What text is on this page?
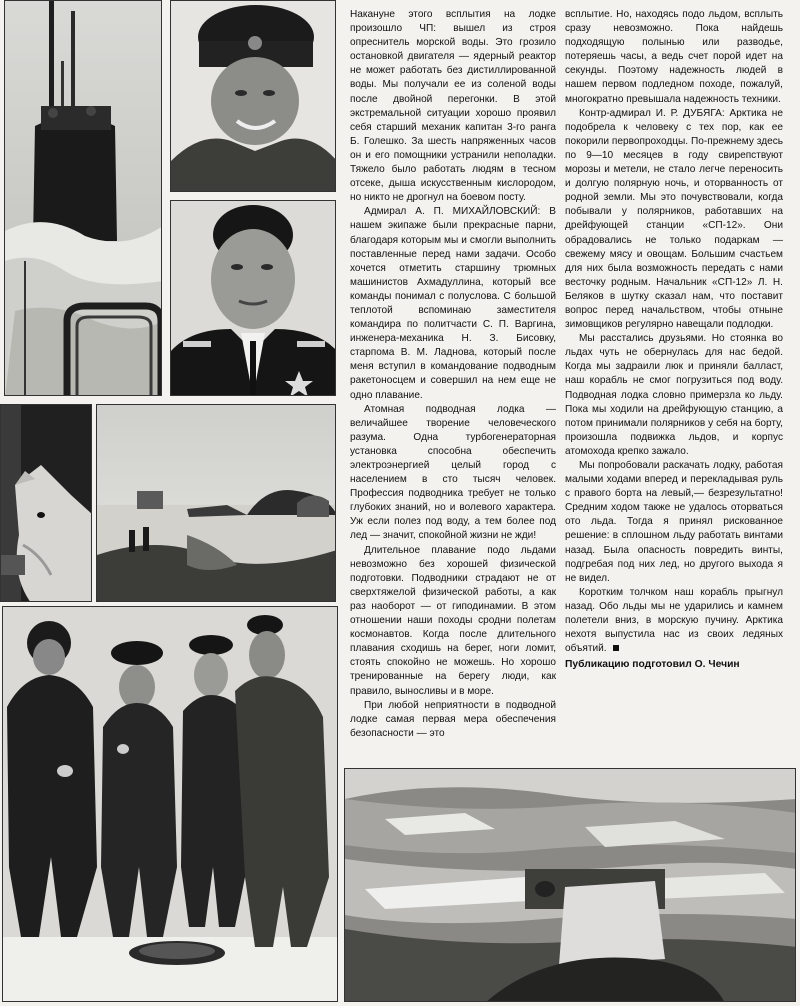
Накануне этого всплытия на лодке произошло ЧП: вышел из строя опреснитель морской воды. Это грозило остановкой двигателя — ядерный реактор не может работать без дистиллированной воды. Мы получали ее из соленой воды после двойной перегонки. В этой экстремальной ситуации хорошо проявил себя старший механик капитан 3-го ранга Б. Голешко. За шесть напряженных часов он и его помощники устранили неполадки. Тяжело было работать людям в тесном отсеке, дыша искусственным кислородом, но никто не дрогнул на боевом посту.

Адмирал А. П. МИХАЙЛОВСКИЙ: В нашем экипаже были прекрасные парни, благодаря которым мы и смогли выполнить поставленные перед нами задачи. Особо хочется отметить старшину трюмных машинистов Ахмадуллина, который все команды понимал с полуслова. С большой теплотой вспоминаю заместителя командира по политчасти С. П. Варгина, инженера-механика Н. З. Бисовку, старпома В. М. Ладнова, который после меня вступил в командование подводным ракетоносцем и совершил на нем еще не одно плавание.

Атомная подводная лодка — величайшее творение человеческого разума. Одна турбогенераторная установка способна обеспечить электроэнергией целый город с населением в сто тысяч человек. Профессия подводника требует не только глубоких знаний, но и волевого характера. Уж если полез под воду, а тем более под лед — значит, спокойной жизни не жди!

Длительное плавание подо льдами невозможно без хорошей физической подготовки. Подводники страдают не от сверхтяжелой физической работы, а как раз наоборот — от гиподинамии. В этом отношении наши походы сродни полетам космонавтов. Когда после длительного плавания сходишь на берег, ноги ломит, стоять спокойно не можешь. Но хорошо тренированные на берегу люди, как правило, выносливы и в море.

При любой неприятности в подводной лодке самая первая мера обеспечения безопасности — это

всплытие. Но, находясь подо льдом, всплыть сразу невозможно. Пока найдешь подходящую полынью или разводье, потеряешь часы, а ведь счет порой идет на секунды. Поэтому надежность людей в нашем первом подледном походе, пожалуй, многократно превышала надежность техники.

Контр-адмирал И. Р. ДУБЯГА: Арктика не подобрела к человеку с тех пор, как ее покорили первопроходцы. По-прежнему здесь по 9—10 месяцев в году свирепствуют морозы и метели, не стало легче переносить и долгую полярную ночь, и оторванность от родной земли. Мы это почувствовали, когда побывали у полярников, работавших на дрейфующей станции «СП-12». Они обрадовались не только подаркам — свежему мясу и овощам. Большим счастьем для них была возможность передать с нами весточку родным. Начальник «СП-12» Л. Н. Беляков в шутку сказал нам, что поставит вопрос перед начальством, чтобы отныне зимовщиков регулярно навещали подлодки.

Мы расстались друзьями. Но стоянка во льдах чуть не обернулась для нас бедой. Когда мы задраили люк и приняли балласт, наш корабль не смог погрузиться под воду. Подводная лодка словно примерзла ко льду. Пока мы ходили на дрейфующую станцию, а потом принимали полярников у себя на борту, произошла подвижка льдов, и корпус атомохода крепко зажало.

Мы попробовали раскачать лодку, работая малыми ходами вперед и перекладывая руль с правого борта на левый,— безрезультатно! Средним ходом также не удалось оторваться ото льда. Тогда я принял рискованное решение: в сплошном льду работать винтами назад. Была опасность повредить винты, подгребая под них лед, но другого выхода я не видел.

Коротким толчком наш корабль прыгнул назад. Обо льды мы не ударились и камнем полетели вниз, в морскую пучину. Арктика нехотя выпустила нас из своих ледяных объятий.

Публикацию подготовил О. Чечин
